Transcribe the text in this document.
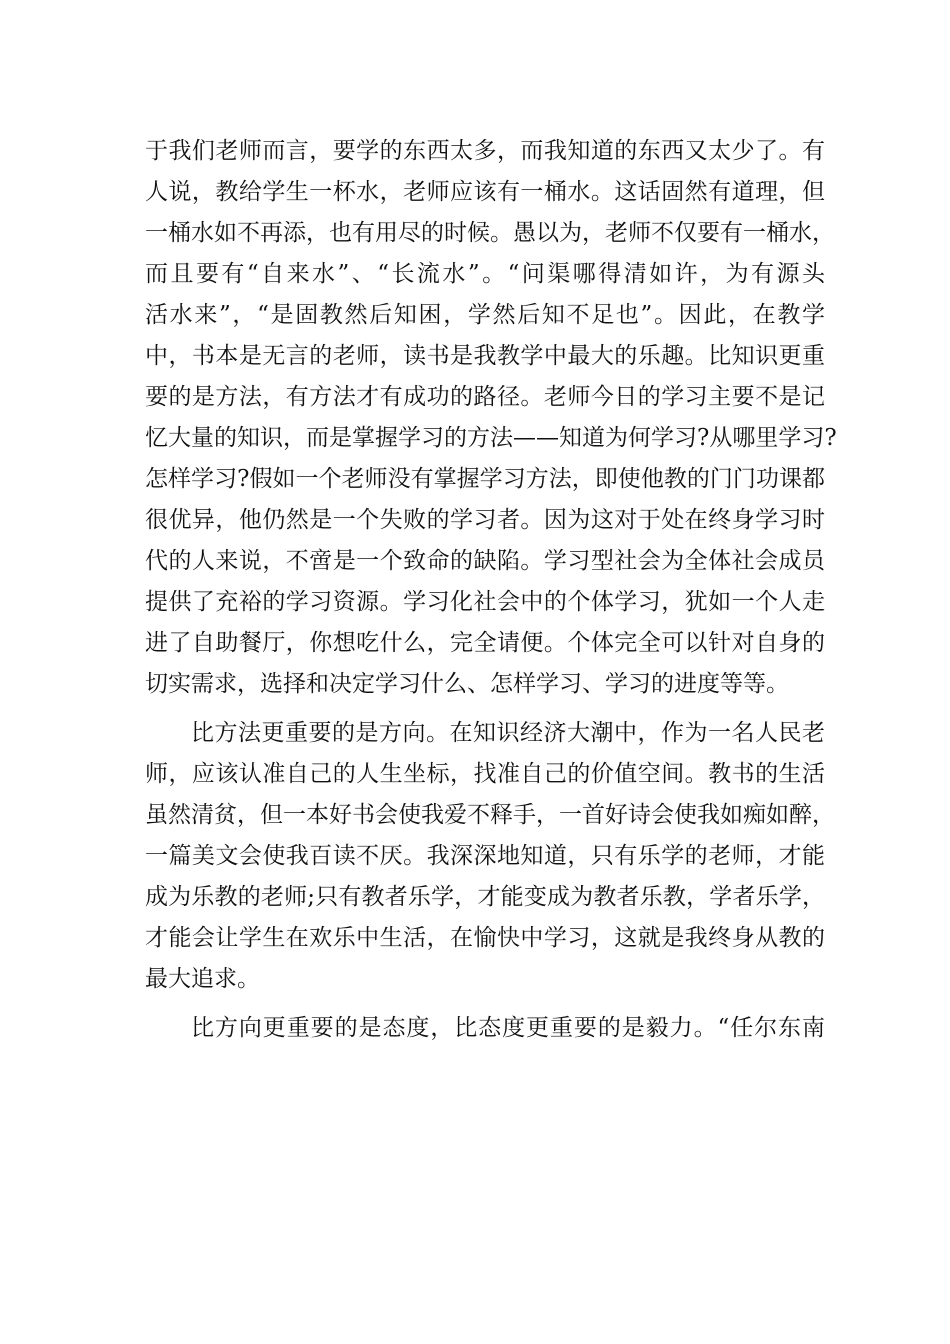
于我们老师而言，要学的东西太多，而我知道的东西又太少了。有
人说，教给学生一杯水，老师应该有一桶水。这话固然有道理，但
一桶水如不再添，也有用尽的时候。愚以为，老师不仅要有一桶水，
而且要有“自来水”、“长流水”。“问渠哪得清如许，为有源头
活水来”，“是固教然后知困，学然后知不足也”。因此，在教学
中，书本是无言的老师，读书是我教学中最大的乐趣。比知识更重
要的是方法，有方法才有成功的路径。老师今日的学习主要不是记
忆大量的知识，而是掌握学习的方法——知道为何学习?从哪里学习?
怎样学习?假如一个老师没有掌握学习方法，即使他教的门门功课都
很优异，他仍然是一个失败的学习者。因为这对于处在终身学习时
代的人来说，不啻是一个致命的缺陷。学习型社会为全体社会成员
提供了充裕的学习资源。学习化社会中的个体学习，犹如一个人走
进了自助餐厅，你想吃什么，完全请便。个体完全可以针对自身的
切实需求，选择和决定学习什么、怎样学习、学习的进度等等。
比方法更重要的是方向。在知识经济大潮中，作为一名人民老
师，应该认准自己的人生坐标，找准自己的价值空间。教书的生活
虽然清贫，但一本好书会使我爱不释手，一首好诗会使我如痴如醉，
一篇美文会使我百读不厌。我深深地知道，只有乐学的老师，才能
成为乐教的老师;只有教者乐学，才能变成为教者乐教，学者乐学，
才能会让学生在欢乐中生活，在愉快中学习，这就是我终身从教的
最大追求。
比方向更重要的是态度，比态度更重要的是毅力。“任尔东南
